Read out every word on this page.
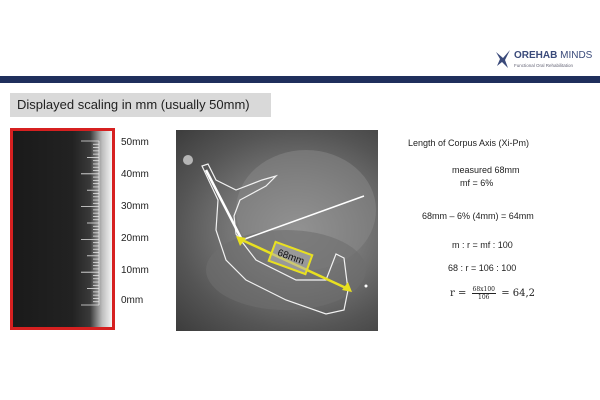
OREHAB MINDS
Functional Oral Rehabilitation
Displayed scaling in mm (usually 50mm)
50mm
40mm
30mm
20mm
10mm
0mm
68mm
Length of Corpus Axis (Xi-Pm)
measured 68mm
mf = 6%
68mm – 6% (4mm) = 64mm
m : r = mf : 100
68 : r = 106 : 100
$r = \frac{68x100}{106} = 64,2$
